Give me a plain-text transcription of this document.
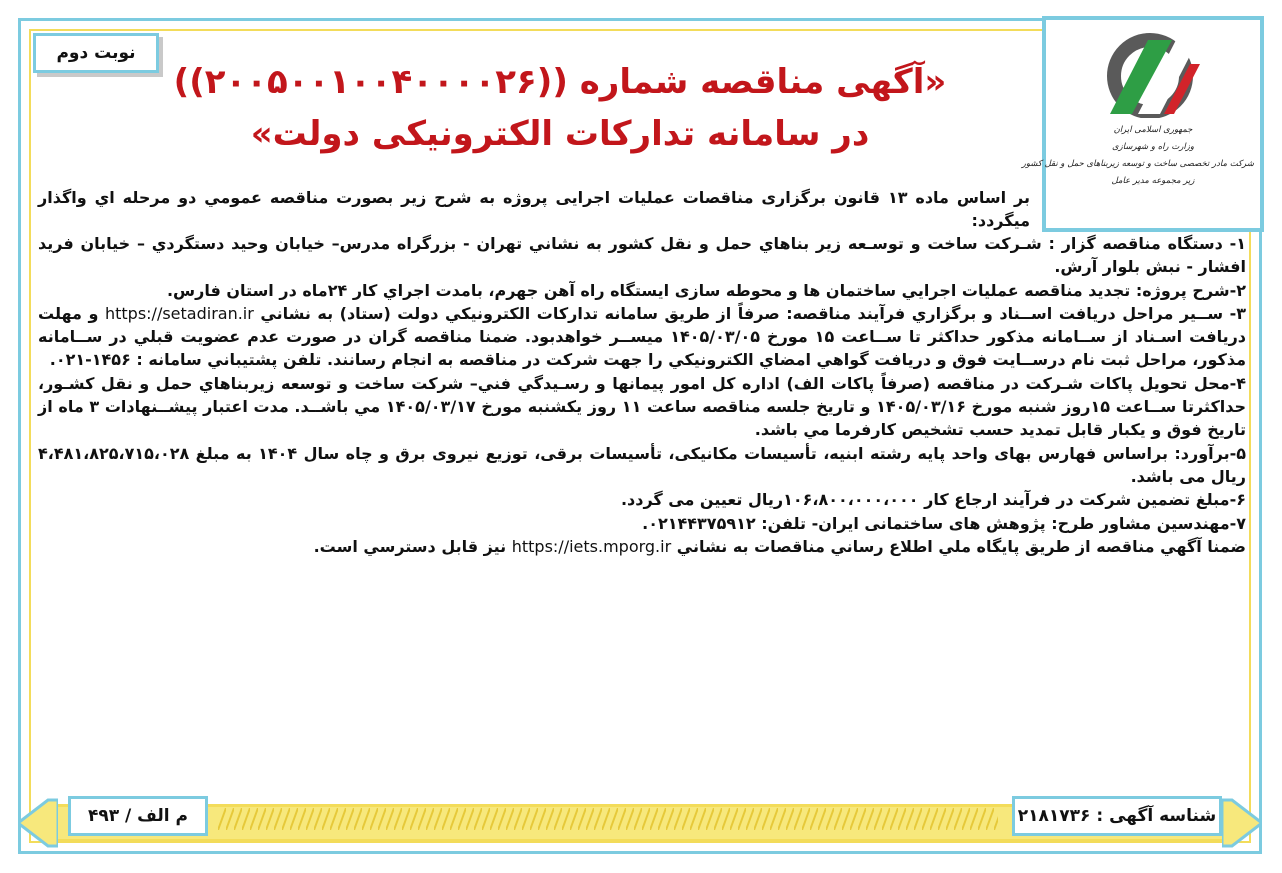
جمهوری اسلامی ایران
وزارت راه و شهرسازی
شرکت مادر تخصصی ساخت و توسعه زیربناهای حمل و نقل کشور
زیر مجموعه مدیر عامل
نوبت دوم
«آگهی مناقصه شماره ((۲۰۰۵۰۰۱۰۰۴۰۰۰۰۲۶))
در سامانه تدارکات الکترونیکی دولت»

بر اساس ماده ۱۳ قانون برگزاری مناقصات عملیات اجرایی پروژه به شرح زیر بصورت مناقصه عمومي دو مرحله اي واگذار ميگردد:

۱- دستگاه مناقصه گزار : شـركت ساخت و توسـعه زير بناهاي حمل و نقل كشور به نشاني تهران - بزرگراه مدرس– خيابان وحيد دستگردي – خيابان فريد افشار - نبش بلوار آرش.

۲-شرح پروژه: تجديد مناقصه عمليات اجرايي ساختمان ها و محوطه سازی ايستگاه راه آهن جهرم، بامدت اجراي كار ۲۴ماه در استان فارس.

۳- ســير مراحل دريافت اســناد و برگزاري فرآيند مناقصه: صرفاً از طريق سامانه تداركات الكترونيكي دولت (ستاد) به نشاني https://setadiran.ir و مهلت دريافت اسـناد از ســامانه مذكور حداكثر تا ســاعت ۱۵ مورخ ۱۴۰۵/۰۳/۰۵ ميســر خواهدبود. ضمنا مناقصه گران در صورت عدم عضويت قبلي در ســامانه مذكور، مراحل ثبت نام درســايت فوق و دريافت گواهي امضاي الكترونيكي را جهت شركت در مناقصه به انجام رسانند. تلفن پشتيباني سامانه : ۱۴۵۶-۰۲۱.

۴-محل تحويل پاكات شـركت در مناقصه (صرفاً پاكات الف) اداره كل امور پيمانها و رسـيدگي فني– شركت ساخت و توسعه زيربناهاي حمل و نقل كشـور، حداكثرتا ســاعت ۱۵روز شنبه مورخ ۱۴۰۵/۰۳/۱۶ و تاريخ جلسه مناقصه ساعت ۱۱ روز يكشنبه مورخ ۱۴۰۵/۰۳/۱۷ مي باشــد. مدت اعتبار پيشــنهادات ۳ ماه از تاريخ فوق و يكبار قابل تمديد حسب تشخيص كارفرما مي باشد.

۵-برآورد: براساس فهارس بهای واحد پایه رشته ابنیه، تأسیسات مکانیکی، تأسیسات برقی، توزیع نیروی برق و چاه سال ۱۴۰۴ به مبلغ ۴،۴۸۱،۸۲۵،۷۱۵،۰۲۸ ريال می باشد.

۶-مبلغ تضمین شرکت در فرآیند ارجاع کار ۱۰۶،۸۰۰،۰۰۰،۰۰۰ریال تعیین می گردد.

۷-مهندسین مشاور طرح: پژوهش های ساختمانی ایران- تلفن: ۰۲۱۴۴۳۷۵۹۱۲.

ضمنا آگهي مناقصه از طريق پايگاه ملي اطلاع رساني مناقصات به نشاني https://iets.mporg.ir نيز قابل دسترسي است.

شناسه آگهی : ۲۱۸۱۷۳۶
م الف / ۴۹۳
